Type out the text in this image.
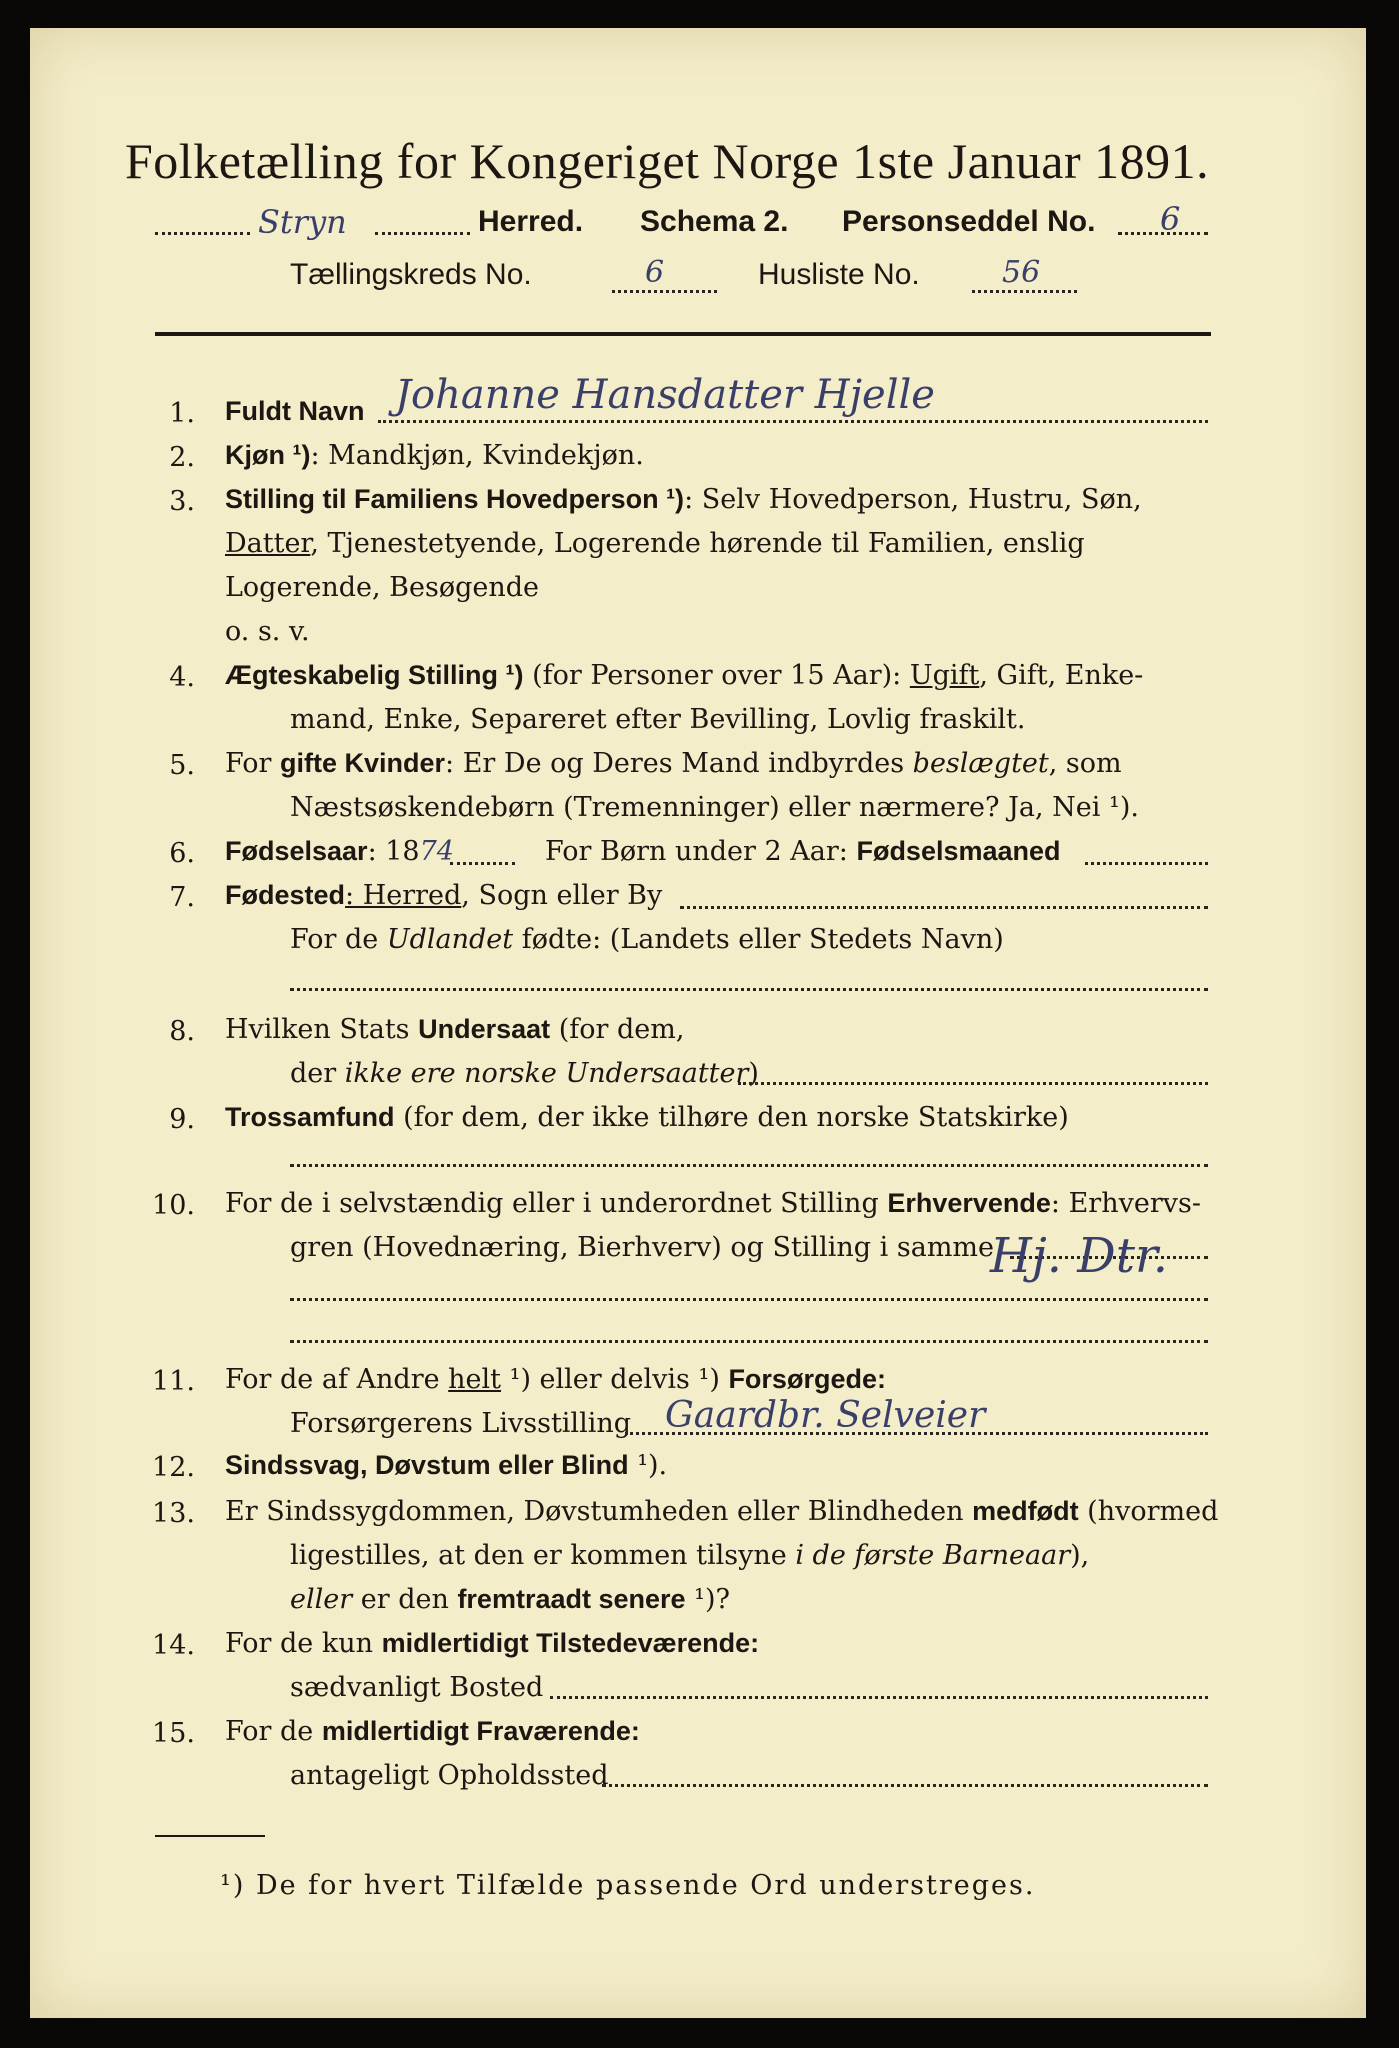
Folketælling for Kongeriget Norge 1ste Januar 1891.
Stryn	Herred. Schema 2. Personseddel No. 6
Tællingskreds No.	6	Husliste No.	56
1. Fuldt Navn Johanne Hansdatter Hjelle
2. Kjøn ¹): Mandkjøn, Kvindekjøn.
3. Stilling til Familiens Hovedperson ¹): Selv Hovedperson, Hustru, Søn,
Datter, Tjenestetyende, Logerende hørende til Familien, enslig
Logerende, Besøgende
o. s. v.
4. Ægteskabelig Stilling ¹) (for Personer over 15 Aar): Ugift, Gift, Enke-
mand, Enke, Separeret efter Bevilling, Lovlig fraskilt.
5. For gifte Kvinder: Er De og Deres Mand indbyrdes beslægtet, som
Næstsøskendebørn (Tremenninger) eller nærmere? Ja, Nei ¹).
6. Fødselsaar: 1874	For Børn under 2 Aar: Fødselsmaaned
7. Fødested: Herred, Sogn eller By
For de Udlandet fødte: (Landets eller Stedets Navn)
8. Hvilken Stats Undersaat (for dem,
der ikke ere norske Undersaatter)
9. Trossamfund (for dem, der ikke tilhøre den norske Statskirke)
10. For de i selvstændig eller i underordnet Stilling Erhvervende: Erhvervs-
gren (Hovednæring, Bierhverv) og Stilling i samme
Hj. Dtr.
11. For de af Andre helt ¹) eller delvis ¹) Forsørgede:
Forsørgerens Livsstilling Gaardbr. Selveier
12. Sindssvag, Døvstum eller Blind ¹).
13. Er Sindssygdommen, Døvstumheden eller Blindheden medfødt (hvormed
ligestilles, at den er kommen tilsyne i de første Barneaar),
eller er den fremtraadt senere ¹)?
14. For de kun midlertidigt Tilstedeværende:
sædvanligt Bosted
15. For de midlertidigt Fraværende:
antageligt Opholdssted
¹) De for hvert Tilfælde passende Ord understreges.
